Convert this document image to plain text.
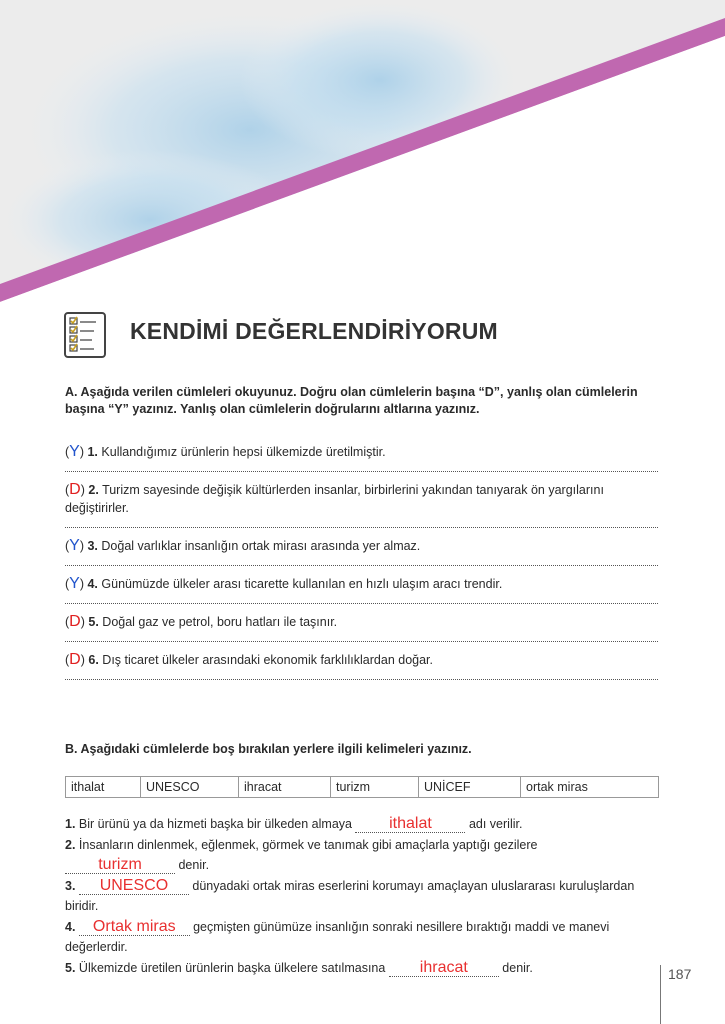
KENDİMİ DEĞERLENDİRİYORUM
A. Aşağıda verilen cümleleri okuyunuz. Doğru olan cümlelerin başına “D”, yanlış olan cümlelerin başına “Y” yazınız. Yanlış olan cümlelerin doğrularını altlarına yazınız.
(Y) 1. Kullandığımız ürünlerin hepsi ülkemizde üretilmiştir.
(D) 2. Turizm sayesinde değişik kültürlerden insanlar, birbirlerini yakından tanıyarak ön yargılarını değiştirirler.
(Y) 3. Doğal varlıklar insanlığın ortak mirası arasında yer almaz.
(Y) 4. Günümüzde ülkeler arası ticarette kullanılan en hızlı ulaşım aracı trendir.
(D) 5. Doğal gaz ve petrol, boru hatları ile taşınır.
(D) 6. Dış ticaret ülkeler arasındaki ekonomik farklılıklardan doğar.
B. Aşağıdaki cümlelerde boş bırakılan yerlere ilgili kelimeleri yazınız.
ithalat	UNESCO	ihracat	turizm	UNİCEF	ortak miras
1. Bir ürünü ya da hizmeti başka bir ülkeden almaya ithalat	adı verilir.
2. İnsanların dinlenmek, eğlenmek, görmek ve tanımak gibi amaçlarla yaptığı gezilere
turizm	denir.
3. UNESCO dünyadaki ortak miras eserlerini korumayı amaçlayan uluslararası kuruluşlardan biridir.
4. Ortak miras geçmişten günümüze insanlığın sonraki nesillere bıraktığı maddi ve manevi değerlerdir.
5. Ülkemizde üretilen ürünlerin başka ülkelere satılmasına ihracat	denir.	187
